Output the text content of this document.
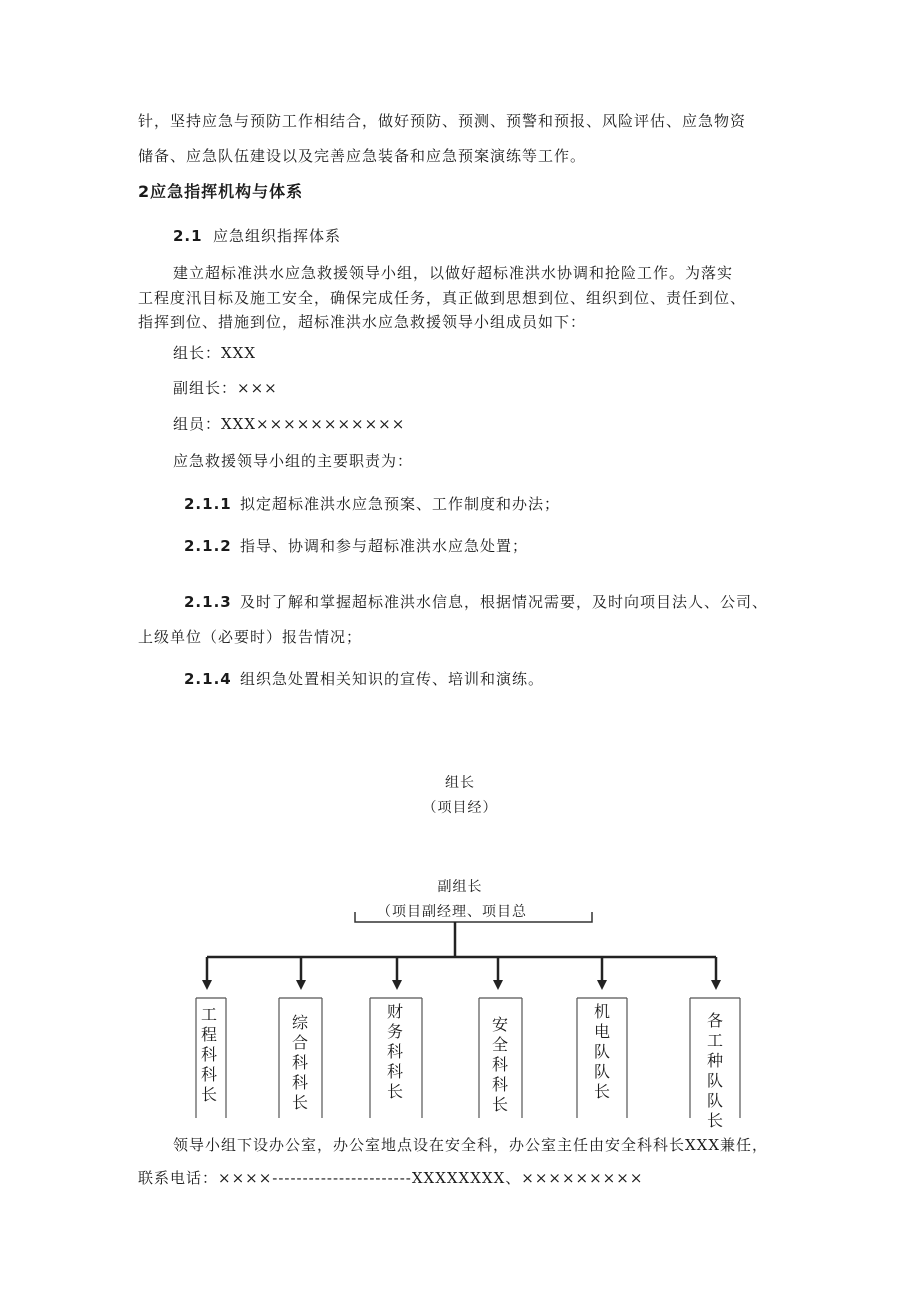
针，坚持应急与预防工作相结合，做好预防、预测、预警和预报、风险评估、应急物资
储备、应急队伍建设以及完善应急装备和应急预案演练等工作。
2应急指挥机构与体系
2.1 应急组织指挥体系
建立超标准洪水应急救援领导小组，以做好超标准洪水协调和抢险工作。为落实
工程度汛目标及施工安全，确保完成任务，真正做到思想到位、组织到位、责任到位、
指挥到位、措施到位，超标准洪水应急救援领导小组成员如下：
组长：XXX
副组长：×××
组员：XXX×××××××××××
应急救援领导小组的主要职责为：
2.1.1 拟定超标准洪水应急预案、工作制度和办法；
2.1.2 指导、协调和参与超标准洪水应急处置；
2.1.3 及时了解和掌握超标准洪水信息，根据情况需要，及时向项目法人、公司、
上级单位（必要时）报告情况；
2.1.4 组织急处置相关知识的宣传、培训和演练。
组长
（项目经）
副组长
（项目副经理、项目总
工程科科长
综合科科长
财务科科长
安全科科长
机电队队长
各工种队队长
领导小组下设办公室，办公室地点设在安全科，办公室主任由安全科科长XXX兼任，
联系电话：××××-----------------------XXXXXXXX、×××××××××
